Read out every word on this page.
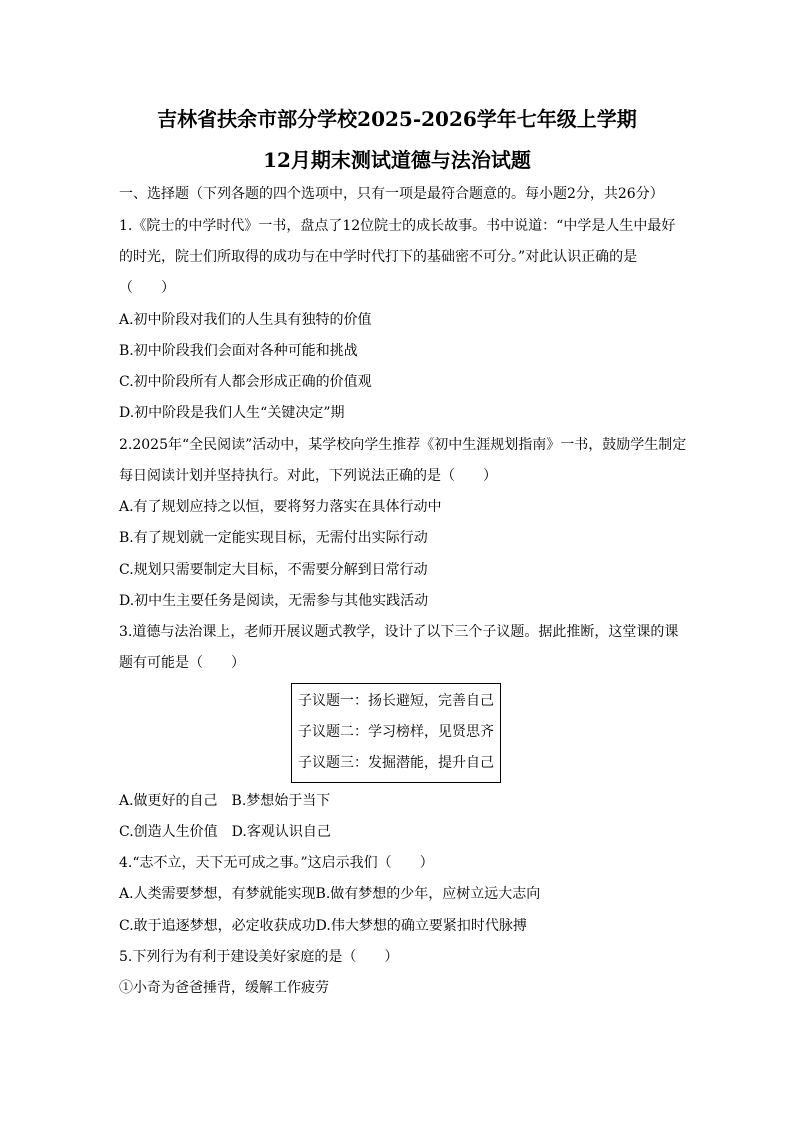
吉林省扶余市部分学校2025-2026学年七年级上学期
12月期末测试道德与法治试题

一、选择题（下列各题的四个选项中，只有一项是最符合题意的。每小题2分，共26分）

1.《院士的中学时代》一书，盘点了12位院士的成长故事。书中说道：“中学是人生中最好

的时光，院士们所取得的成功与在中学时代打下的基础密不可分。”对此认识正确的是

（　　）

A.初中阶段对我们的人生具有独特的价值

B.初中阶段我们会面对各种可能和挑战

C.初中阶段所有人都会形成正确的价值观

D.初中阶段是我们人生“关键决定”期

2.2025年“全民阅读”活动中，某学校向学生推荐《初中生涯规划指南》一书，鼓励学生制定

每日阅读计划并坚持执行。对此，下列说法正确的是（　　）

A.有了规划应持之以恒，要将努力落实在具体行动中

B.有了规划就一定能实现目标，无需付出实际行动

C.规划只需要制定大目标，不需要分解到日常行动

D.初中生主要任务是阅读，无需参与其他实践活动

3.道德与法治课上，老师开展议题式教学，设计了以下三个子议题。据此推断，这堂课的课

题有可能是（　　）

子议题一：扬长避短，完善自己
子议题二：学习榜样，见贤思齐
子议题三：发掘潜能，提升自己

A.做更好的自己　B.梦想始于当下

C.创造人生价值　D.客观认识自己

4.“志不立，天下无可成之事。”这启示我们（　　）

A.人类需要梦想，有梦就能实现B.做有梦想的少年，应树立远大志向

C.敢于追逐梦想，必定收获成功D.伟大梦想的确立要紧扣时代脉搏

5.下列行为有利于建设美好家庭的是（　　）

①小奇为爸爸捶背，缓解工作疲劳
